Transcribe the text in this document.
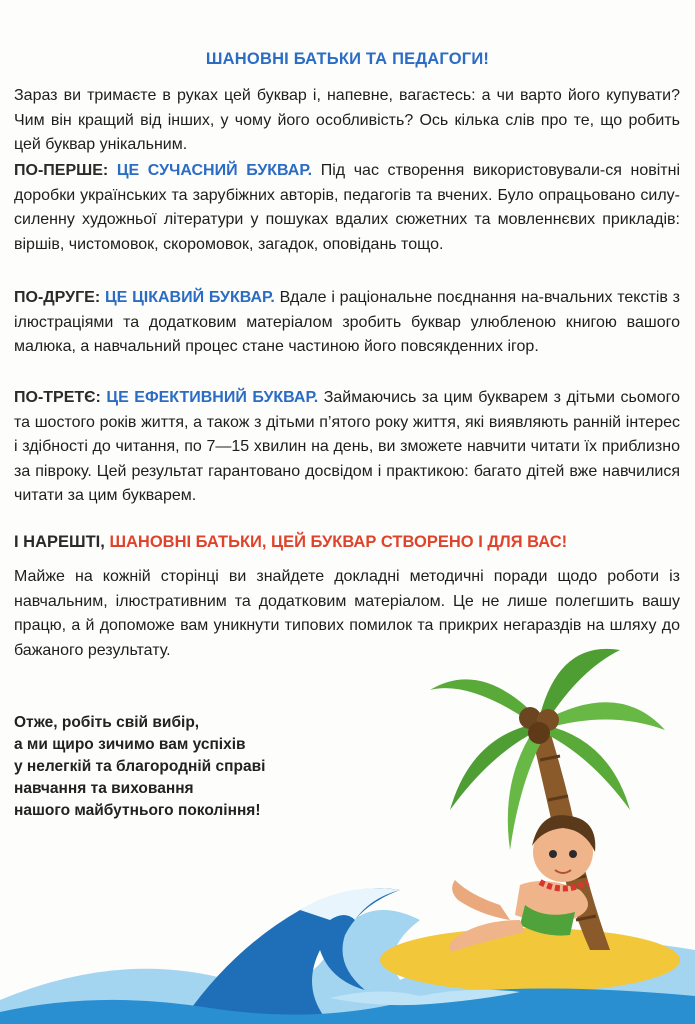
ШАНОВНІ БАТЬКИ ТА ПЕДАГОГИ!

Зараз ви тримаєте в руках цей буквар і, напевне, вагаєтесь: а чи варто його купувати? Чим він кращий від інших, у чому його особливість? Ось кілька слів про те, що робить цей буквар унікальним.

ПО-ПЕРШЕ: ЦЕ СУЧАСНИЙ БУКВАР. Під час створення використовували-ся новітні доробки українських та зарубіжних авторів, педагогів та вчених. Було опрацьовано силу-силенну художньої літератури у пошуках вдалих сюжетних та мовленнєвих прикладів: віршів, чистомовок, скоромовок, загадок, оповідань тощо.

ПО-ДРУГЕ: ЦЕ ЦІКАВИЙ БУКВАР. Вдале і раціональне поєднання на-вчальних текстів з ілюстраціями та додатковим матеріалом зробить буквар улюбленою книгою вашого малюка, а навчальний процес стане частиною його повсякденних ігор.

ПО-ТРЕТЄ: ЦЕ ЕФЕКТИВНИЙ БУКВАР. Займаючись за цим букварем з дітьми сьомого та шостого років життя, а також з дітьми п’ятого року життя, які виявляють ранній інтерес і здібності до читання, по 7—15 хвилин на день, ви зможете навчити читати їх приблизно за півроку. Цей результат гарантовано досвідом і практикою: багато дітей вже навчилися читати за цим букварем.

І НАРЕШТІ, ШАНОВНІ БАТЬКИ, ЦЕЙ БУКВАР СТВОРЕНО І ДЛЯ ВАС!

Майже на кожній сторінці ви знайдете докладні методичні поради щодо роботи із навчальним, ілюстративним та додатковим матеріалом. Це не лише полегшить вашу працю, а й допоможе вам уникнути типових помилок та прикрих негараздів на шляху до бажаного результату.

Отже, робіть свій вибір,
а ми щиро зичимо вам успіхів
у нелегкій та благородній справі
навчання та виховання
нашого майбутнього покоління!
